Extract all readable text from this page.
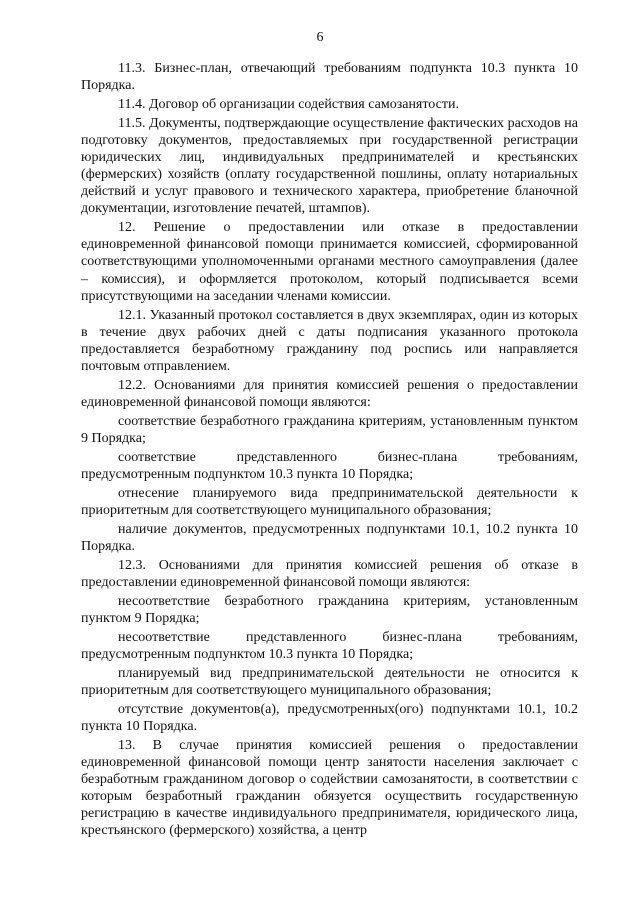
6

11.3. Бизнес-план, отвечающий требованиям подпункта 10.3 пункта 10 Порядка.

11.4. Договор об организации содействия самозанятости.

11.5. Документы, подтверждающие осуществление фактических расходов на подготовку документов, предоставляемых при государственной регистрации юридических лиц, индивидуальных предпринимателей и крестьянских (фермерских) хозяйств (оплату государственной пошлины, оплату нотариальных действий и услуг правового и технического характера, приобретение бланочной документации, изготовление печатей, штампов).

12. Решение о предоставлении или отказе в предоставлении единовременной финансовой помощи принимается комиссией, сформированной соответствующими уполномоченными органами местного самоуправления (далее – комиссия), и оформляется протоколом, который подписывается всеми присутствующими на заседании членами комиссии.

12.1. Указанный протокол составляется в двух экземплярах, один из которых в течение двух рабочих дней с даты подписания указанного протокола предоставляется безработному гражданину под роспись или направляется почтовым отправлением.

12.2. Основаниями для принятия комиссией решения о предоставлении единовременной финансовой помощи являются:

соответствие безработного гражданина критериям, установленным пунктом 9 Порядка;

соответствие представленного бизнес-плана требованиям, предусмотренным подпунктом 10.3 пункта 10 Порядка;

отнесение планируемого вида предпринимательской деятельности к приоритетным для соответствующего муниципального образования;

наличие документов, предусмотренных подпунктами 10.1, 10.2 пункта 10 Порядка.

12.3. Основаниями для принятия комиссией решения об отказе в предоставлении единовременной финансовой помощи являются:

несоответствие безработного гражданина критериям, установленным пунктом 9 Порядка;

несоответствие представленного бизнес-плана требованиям, предусмотренным подпунктом 10.3 пункта 10 Порядка;

планируемый вид предпринимательской деятельности не относится к приоритетным для соответствующего муниципального образования;

отсутствие документов(а), предусмотренных(ого) подпунктами 10.1, 10.2 пункта 10 Порядка.

13. В случае принятия комиссией решения о предоставлении единовременной финансовой помощи центр занятости населения заключает с безработным гражданином договор о содействии самозанятости, в соответствии с которым безработный гражданин обязуется осуществить государственную регистрацию в качестве индивидуального предпринимателя, юридического лица, крестьянского (фермерского) хозяйства, а центр
